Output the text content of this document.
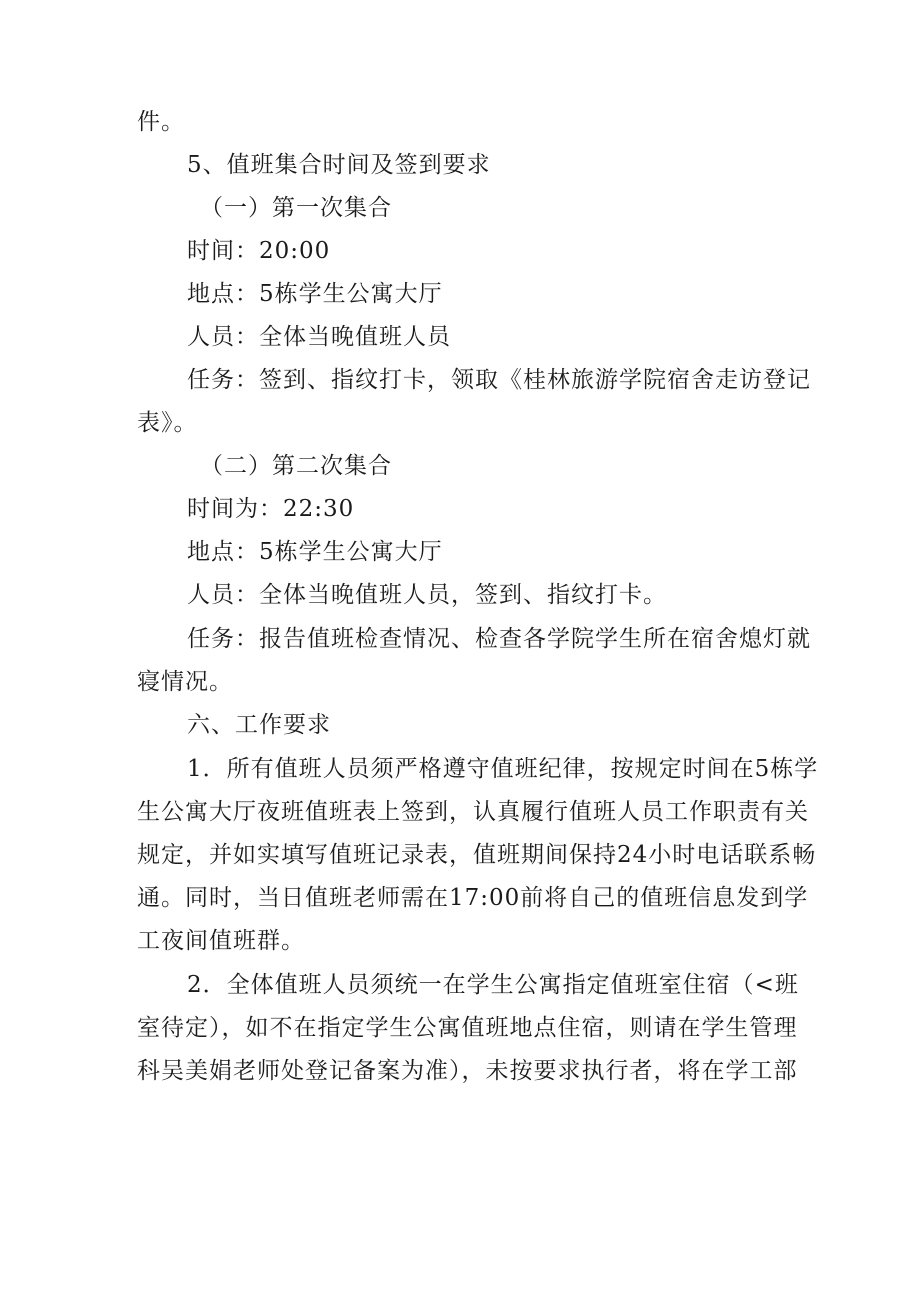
件。
5、值班集合时间及签到要求
（一）第一次集合
时间：20:00
地点：5栋学生公寓大厅
人员：全体当晚值班人员
任务：签到、指纹打卡，领取《桂林旅游学院宿舍走访登记
表》。
（二）第二次集合
时间为：22:30
地点：5栋学生公寓大厅
人员：全体当晚值班人员，签到、指纹打卡。
任务：报告值班检查情况、检查各学院学生所在宿舍熄灯就
寝情况。
六、工作要求
1．所有值班人员须严格遵守值班纪律，按规定时间在5栋学
生公寓大厅夜班值班表上签到，认真履行值班人员工作职责有关
规定，并如实填写值班记录表，值班期间保持24小时电话联系畅
通。同时，当日值班老师需在17:00前将自己的值班信息发到学
工夜间值班群。
2．全体值班人员须统一在学生公寓指定值班室住宿（<班
室待定），如不在指定学生公寓值班地点住宿，则请在学生管理
科吴美娟老师处登记备案为准），未按要求执行者，将在学工部
